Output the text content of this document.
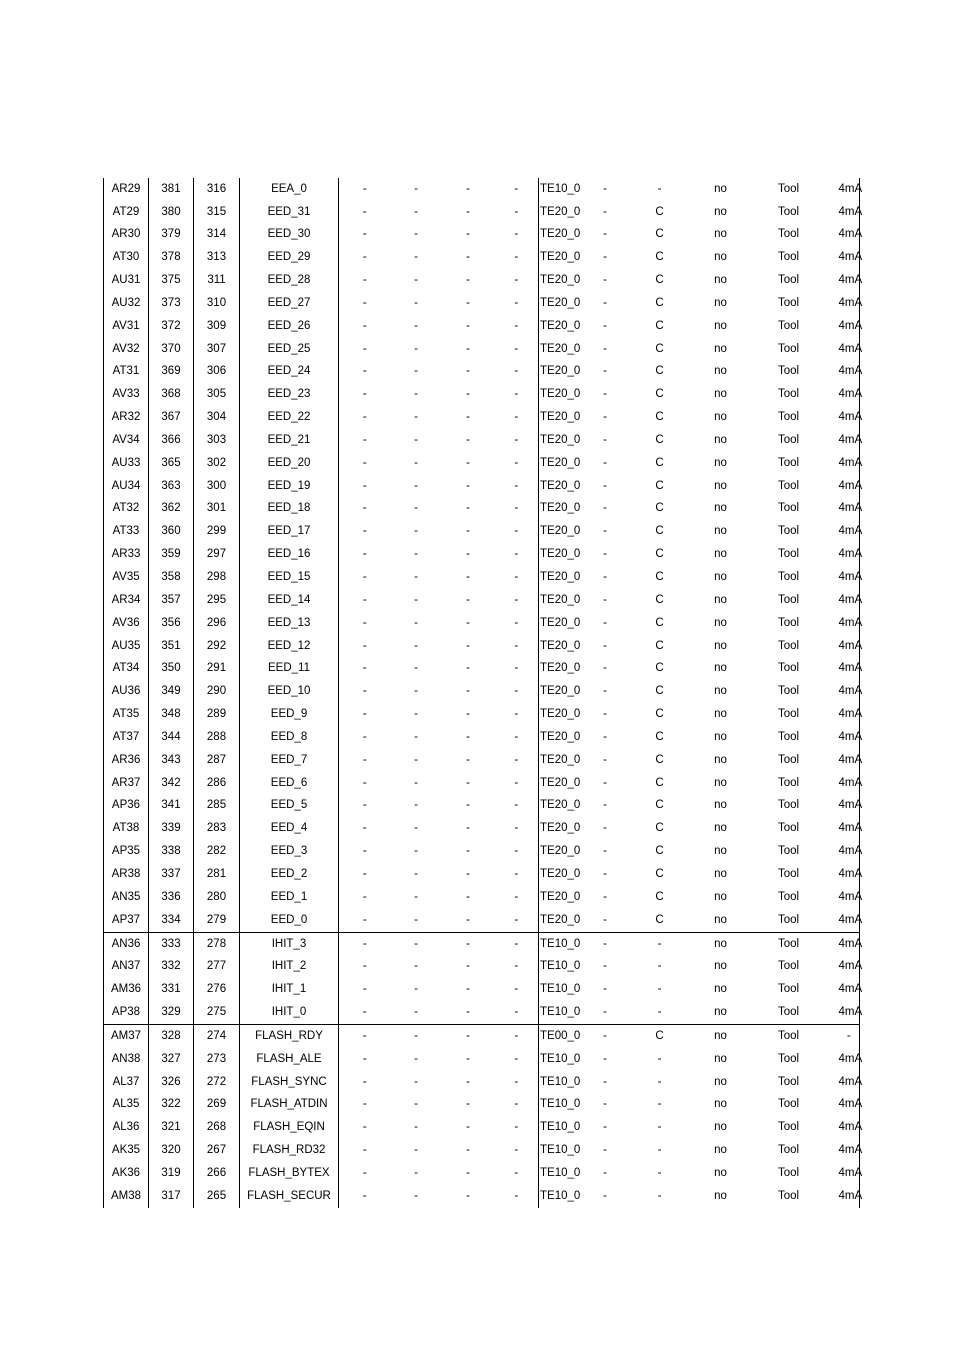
AR29	381	316	EEA_0	-	-	-	-	TE10_0	-	-	no	Tool	4mA
AT29	380	315	EED_31	-	-	-	-	TE20_0	-	C	no	Tool	4mA
AR30	379	314	EED_30	-	-	-	-	TE20_0	-	C	no	Tool	4mA
AT30	378	313	EED_29	-	-	-	-	TE20_0	-	C	no	Tool	4mA
AU31	375	311	EED_28	-	-	-	-	TE20_0	-	C	no	Tool	4mA
AU32	373	310	EED_27	-	-	-	-	TE20_0	-	C	no	Tool	4mA
AV31	372	309	EED_26	-	-	-	-	TE20_0	-	C	no	Tool	4mA
AV32	370	307	EED_25	-	-	-	-	TE20_0	-	C	no	Tool	4mA
AT31	369	306	EED_24	-	-	-	-	TE20_0	-	C	no	Tool	4mA
AV33	368	305	EED_23	-	-	-	-	TE20_0	-	C	no	Tool	4mA
AR32	367	304	EED_22	-	-	-	-	TE20_0	-	C	no	Tool	4mA
AV34	366	303	EED_21	-	-	-	-	TE20_0	-	C	no	Tool	4mA
AU33	365	302	EED_20	-	-	-	-	TE20_0	-	C	no	Tool	4mA
AU34	363	300	EED_19	-	-	-	-	TE20_0	-	C	no	Tool	4mA
AT32	362	301	EED_18	-	-	-	-	TE20_0	-	C	no	Tool	4mA
AT33	360	299	EED_17	-	-	-	-	TE20_0	-	C	no	Tool	4mA
AR33	359	297	EED_16	-	-	-	-	TE20_0	-	C	no	Tool	4mA
AV35	358	298	EED_15	-	-	-	-	TE20_0	-	C	no	Tool	4mA
AR34	357	295	EED_14	-	-	-	-	TE20_0	-	C	no	Tool	4mA
AV36	356	296	EED_13	-	-	-	-	TE20_0	-	C	no	Tool	4mA
AU35	351	292	EED_12	-	-	-	-	TE20_0	-	C	no	Tool	4mA
AT34	350	291	EED_11	-	-	-	-	TE20_0	-	C	no	Tool	4mA
AU36	349	290	EED_10	-	-	-	-	TE20_0	-	C	no	Tool	4mA
AT35	348	289	EED_9	-	-	-	-	TE20_0	-	C	no	Tool	4mA
AT37	344	288	EED_8	-	-	-	-	TE20_0	-	C	no	Tool	4mA
AR36	343	287	EED_7	-	-	-	-	TE20_0	-	C	no	Tool	4mA
AR37	342	286	EED_6	-	-	-	-	TE20_0	-	C	no	Tool	4mA
AP36	341	285	EED_5	-	-	-	-	TE20_0	-	C	no	Tool	4mA
AT38	339	283	EED_4	-	-	-	-	TE20_0	-	C	no	Tool	4mA
AP35	338	282	EED_3	-	-	-	-	TE20_0	-	C	no	Tool	4mA
AR38	337	281	EED_2	-	-	-	-	TE20_0	-	C	no	Tool	4mA
AN35	336	280	EED_1	-	-	-	-	TE20_0	-	C	no	Tool	4mA
AP37	334	279	EED_0	-	-	-	-	TE20_0	-	C	no	Tool	4mA
AN36	333	278	IHIT_3	-	-	-	-	TE10_0	-	-	no	Tool	4mA
AN37	332	277	IHIT_2	-	-	-	-	TE10_0	-	-	no	Tool	4mA
AM36	331	276	IHIT_1	-	-	-	-	TE10_0	-	-	no	Tool	4mA
AP38	329	275	IHIT_0	-	-	-	-	TE10_0	-	-	no	Tool	4mA
AM37	328	274	FLASH_RDY	-	-	-	-	TE00_0	-	C	no	Tool	-
AN38	327	273	FLASH_ALE	-	-	-	-	TE10_0	-	-	no	Tool	4mA
AL37	326	272	FLASH_SYNC	-	-	-	-	TE10_0	-	-	no	Tool	4mA
AL35	322	269	FLASH_ATDIN	-	-	-	-	TE10_0	-	-	no	Tool	4mA
AL36	321	268	FLASH_EQIN	-	-	-	-	TE10_0	-	-	no	Tool	4mA
AK35	320	267	FLASH_RD32	-	-	-	-	TE10_0	-	-	no	Tool	4mA
AK36	319	266	FLASH_BYTEX	-	-	-	-	TE10_0	-	-	no	Tool	4mA
AM38	317	265	FLASH_SECUR	-	-	-	-	TE10_0	-	-	no	Tool	4mA
